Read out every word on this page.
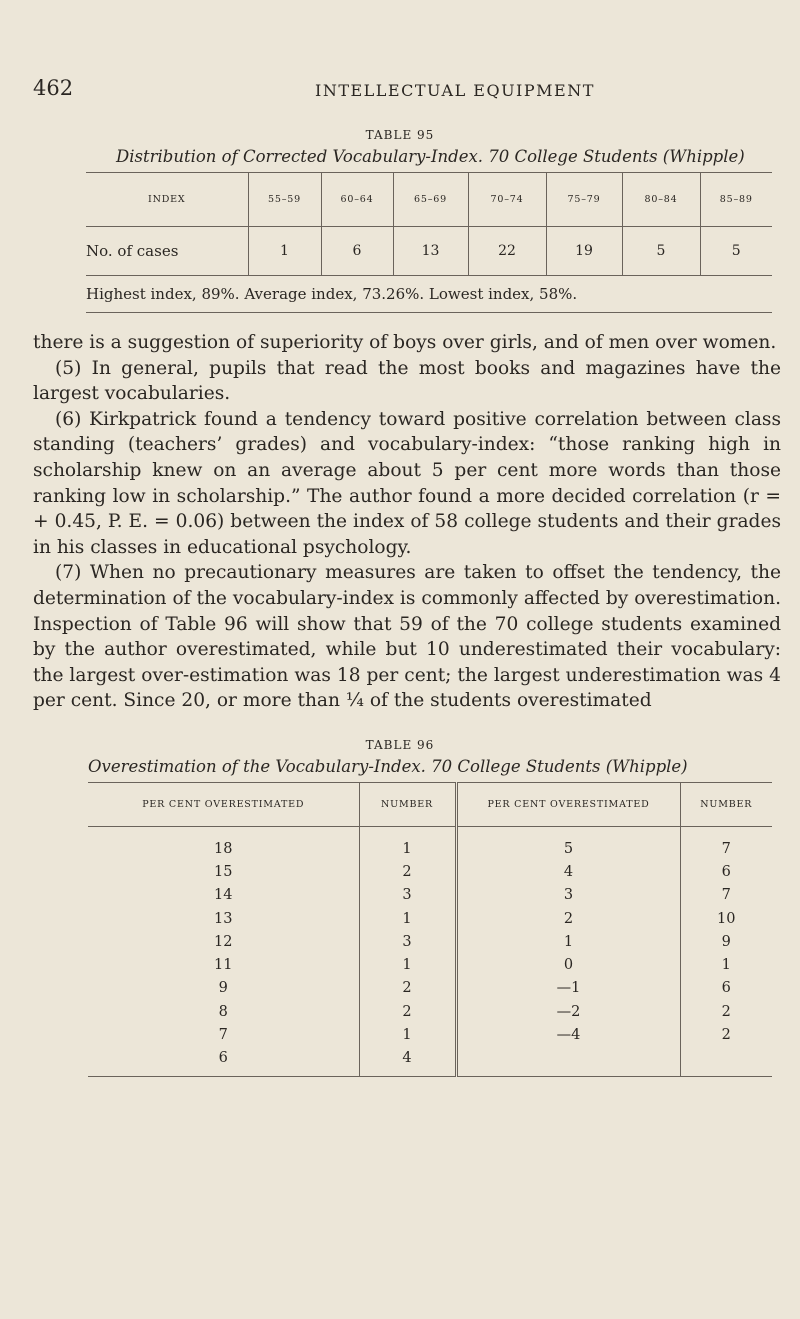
462	INTELLECTUAL EQUIPMENT
TABLE 95
Distribution of Corrected Vocabulary-Index. 70 College Students (Whipple)
INDEX	55–59	60–64	65–69	70–74	75–79	80–84	85–89
No. of cases	1	6	13	22	19	5	5
Highest index, 89%. Average index, 73.26%. Lowest index, 58%.

there is a suggestion of superiority of boys over girls, and of men over women.

(5) In general, pupils that read the most books and magazines have the largest vocabularies.

(6) Kirkpatrick found a tendency toward positive correlation between class standing (teachers’ grades) and vocabulary-index: “those ranking high in scholarship knew on an average about 5 per cent more words than those ranking low in scholarship.” The author found a more decided correlation (r = + 0.45, P. E. = 0.06) between the index of 58 college students and their grades in his classes in educational psychology.

(7) When no precautionary measures are taken to offset the tendency, the determination of the vocabulary-index is commonly affected by overestimation. Inspection of Table 96 will show that 59 of the 70 college students examined by the author overestimated, while but 10 underestimated their vocabulary: the largest over-estimation was 18 per cent; the largest underestimation was 4 per cent. Since 20, or more than ¼ of the students overestimated

TABLE 96
Overestimation of the Vocabulary-Index. 70 College Students (Whipple)
PER CENT OVERESTIMATED	NUMBER	PER CENT OVERESTIMATED	NUMBER
18	1	5	7
15	2	4	6
14	3	3	7
13	1	2	10
12	3	1	9
11	1	0	1
9	2	—1	6
8	2	—2	2
7	1	—4	2
6	4		
